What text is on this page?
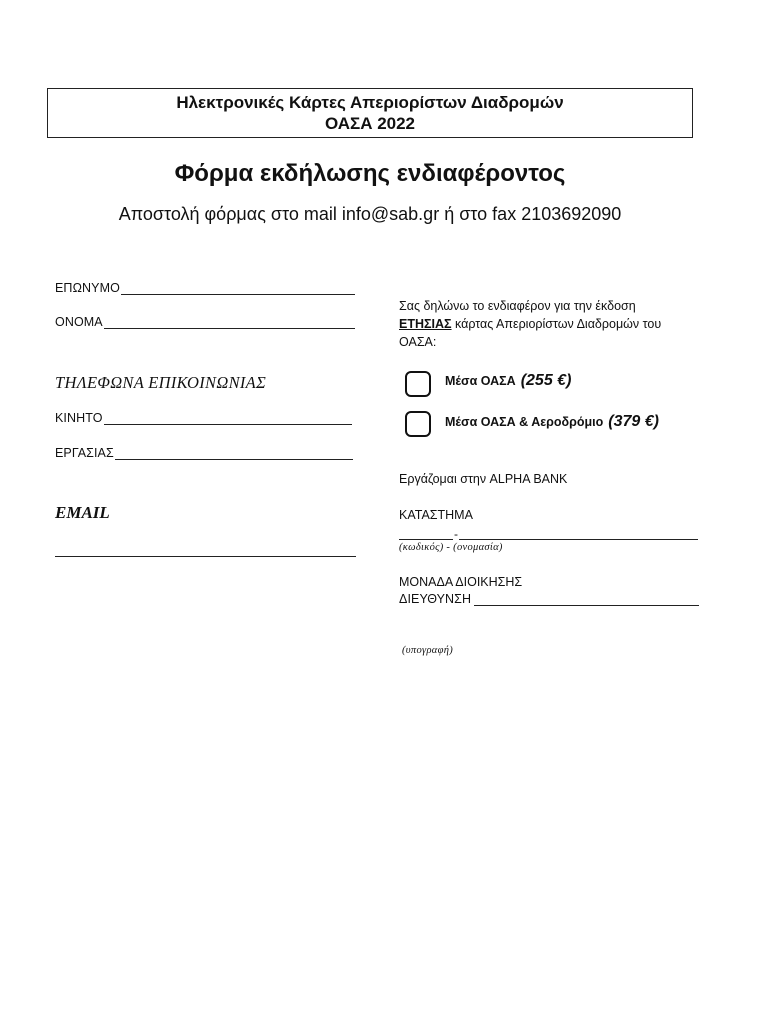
Ηλεκτρονικές Κάρτες Απεριορίστων Διαδρομών
ΟΑΣΑ 2022
Φόρμα εκδήλωσης ενδιαφέροντος
Αποστολή φόρμας στο mail info@sab.gr ή στο fax 2103692090
ΕΠΩΝΥΜΟ
ΟΝΟΜΑ
ΤΗΛΕΦΩΝΑ ΕΠΙΚΟΙΝΩΝΙΑΣ
ΚΙΝΗΤΟ
ΕΡΓΑΣΙΑΣ
EMAIL
Σας δηλώνω το ενδιαφέρον για την έκδοση
ΕΤΗΣΙΑΣ κάρτας Απεριορίστων Διαδρομών του
ΟΑΣΑ:
Μέσα ΟΑΣΑ (255 €)
Μέσα ΟΑΣΑ & Αεροδρόμιο (379 €)
Εργάζομαι στην ALPHA BANK
ΚΑΤΑΣΤΗΜΑ
-
(κωδικός) - (ονομασία)
ΜΟΝΑΔΑ ΔΙΟΙΚΗΣΗΣ
ΔΙΕΥΘΥΝΣΗ
(υπογραφή)
